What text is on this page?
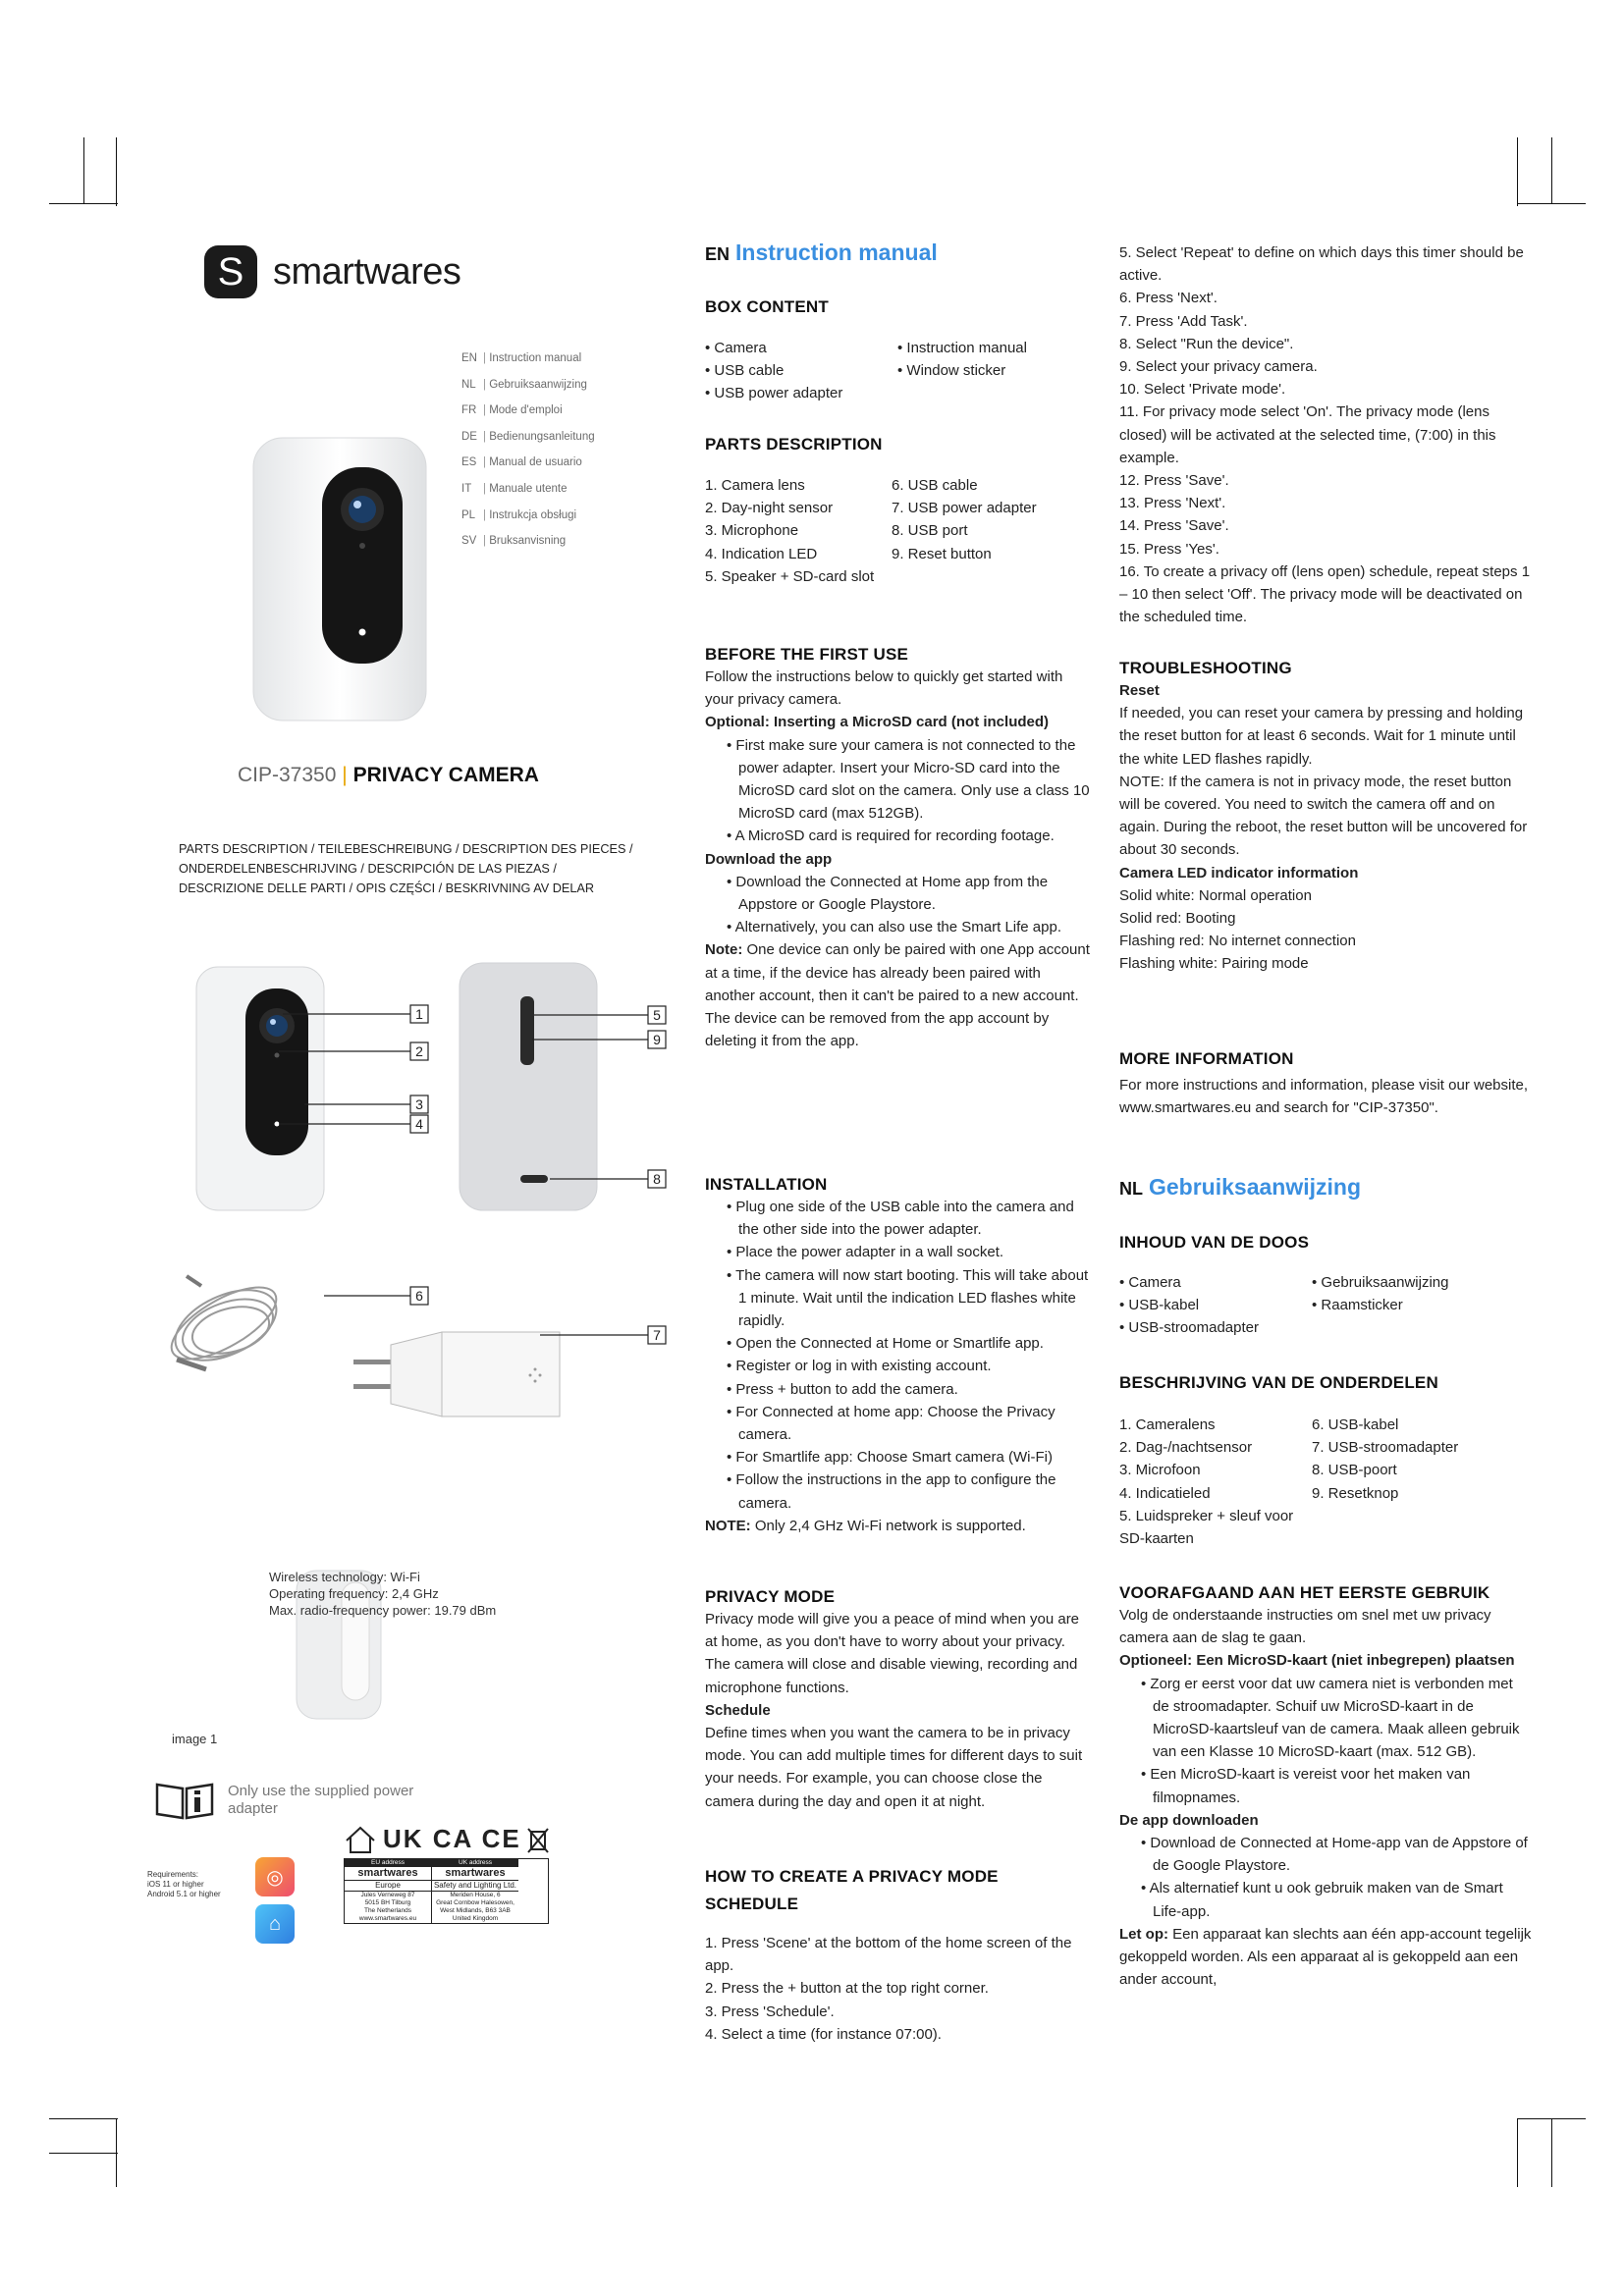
S smartwares
EN | Instruction manual
NL | Gebruiksaanwijzing
FR | Mode d'emploi
DE | Bedienungsanleitung
ES | Manual de usuario
IT | Manuale utente
PL | Instrukcja obsługi
SV | Bruksanvisning
CIP-37350 | PRIVACY CAMERA
PARTS DESCRIPTION / TEILEBESCHREIBUNG / DESCRIPTION DES PIECES / ONDERDELENBESCHRIJVING / DESCRIPCIÓN DE LAS PIEZAS / DESCRIZIONE DELLE PARTI / OPIS CZĘŚCI / BESKRIVNING AV DELAR
1
2
3
4
5
9
8
6
7
Wireless technology: Wi-Fi
Operating frequency: 2,4 GHz
Max. radio-frequency power: 19.79 dBm
image 1
Only use the supplied power adapter
Requirements:
iOS 11 or higher
Android 5.1 or higher
◎
⌂
UK CA CE
EU address
smartwares
Europe
Jules Verneweg 87
5015 BH Tilburg
The Netherlands
www.smartwares.eu
UK address
smartwares
Safety and Lighting Ltd.
Meriden House, 6
Great Cornbow Halesowen,
West Midlands, B63 3AB
United Kingdom
EN Instruction manual
BOX CONTENT
• Camera
• USB cable
• USB power adapter
• Instruction manual
• Window sticker
PARTS DESCRIPTION
1. Camera lens
2. Day-night sensor
3. Microphone
4. Indication LED
5. Speaker + SD-card slot
6. USB cable
7. USB power adapter
8. USB port
9. Reset button
BEFORE THE FIRST USE
Follow the instructions below to quickly get started with your privacy camera.
Optional: Inserting a MicroSD card (not included)
• First make sure your camera is not connected to the power adapter. Insert your Micro-SD card into the MicroSD card slot on the camera. Only use a class 10 MicroSD card (max 512GB).
• A MicroSD card is required for recording footage.
Download the app
• Download the Connected at Home app from the Appstore or Google Playstore.
• Alternatively, you can also use the Smart Life app.
Note: One device can only be paired with one App account at a time, if the device has already been paired with another account, then it can't be paired to a new account. The device can be removed from the app account by deleting it from the app.
INSTALLATION
• Plug one side of the USB cable into the camera and the other side into the power adapter.
• Place the power adapter in a wall socket.
• The camera will now start booting. This will take about 1 minute. Wait until the indication LED flashes white rapidly.
• Open the Connected at Home or Smartlife app.
• Register or log in with existing account.
• Press + button to add the camera.
• For Connected at home app: Choose the Privacy camera.
• For Smartlife app: Choose Smart camera (Wi-Fi)
• Follow the instructions in the app to configure the camera.
NOTE: Only 2,4 GHz Wi-Fi network is supported.
PRIVACY MODE
Privacy mode will give you a peace of mind when you are at home, as you don't have to worry about your privacy. The camera will close and disable viewing, recording and microphone functions.
Schedule
Define times when you want the camera to be in privacy mode. You can add multiple times for different days to suit your needs. For example, you can choose close the camera during the day and open it at night.
HOW TO CREATE A PRIVACY MODE SCHEDULE
1. Press 'Scene' at the bottom of the home screen of the app.
2. Press the + button at the top right corner.
3. Press 'Schedule'.
4. Select a time (for instance 07:00).
5. Select 'Repeat' to define on which days this timer should be active.
6. Press 'Next'.
7. Press 'Add Task'.
8. Select "Run the device".
9. Select your privacy camera.
10. Select 'Private mode'.
11. For privacy mode select 'On'. The privacy mode (lens closed) will be activated at the selected time, (7:00) in this example.
12. Press 'Save'.
13. Press 'Next'.
14. Press 'Save'.
15. Press 'Yes'.
16. To create a privacy off (lens open) schedule, repeat steps 1 – 10 then select 'Off'. The privacy mode will be deactivated on the scheduled time.
TROUBLESHOOTING
Reset
If needed, you can reset your camera by pressing and holding the reset button for at least 6 seconds. Wait for 1 minute until the white LED flashes rapidly.
NOTE: If the camera is not in privacy mode, the reset button will be covered. You need to switch the camera off and on again. During the reboot, the reset button will be uncovered for about 30 seconds.
Camera LED indicator information
Solid white: Normal operation
Solid red: Booting
Flashing red: No internet connection
Flashing white: Pairing mode
MORE INFORMATION
For more instructions and information, please visit our website, www.smartwares.eu and search for "CIP-37350".
NL Gebruiksaanwijzing
INHOUD VAN DE DOOS
• Camera
• USB-kabel
• USB-stroomadapter
• Gebruiksaanwijzing
• Raamsticker
BESCHRIJVING VAN DE ONDERDELEN
1. Cameralens
2. Dag-/nachtsensor
3. Microfoon
4. Indicatieled
5. Luidspreker + sleuf voor SD-kaarten
6. USB-kabel
7. USB-stroomadapter
8. USB-poort
9. Resetknop
VOORAFGAAND AAN HET EERSTE GEBRUIK
Volg de onderstaande instructies om snel met uw privacy camera aan de slag te gaan.
Optioneel: Een MicroSD-kaart (niet inbegrepen) plaatsen
• Zorg er eerst voor dat uw camera niet is verbonden met de stroomadapter. Schuif uw MicroSD-kaart in de MicroSD-kaartsleuf van de camera. Maak alleen gebruik van een Klasse 10 MicroSD-kaart (max. 512 GB).
• Een MicroSD-kaart is vereist voor het maken van filmopnames.
De app downloaden
• Download de Connected at Home-app van de Appstore of de Google Playstore.
• Als alternatief kunt u ook gebruik maken van de Smart Life-app.
Let op: Een apparaat kan slechts aan één app-account tegelijk gekoppeld worden. Als een apparaat al is gekoppeld aan een ander account,
